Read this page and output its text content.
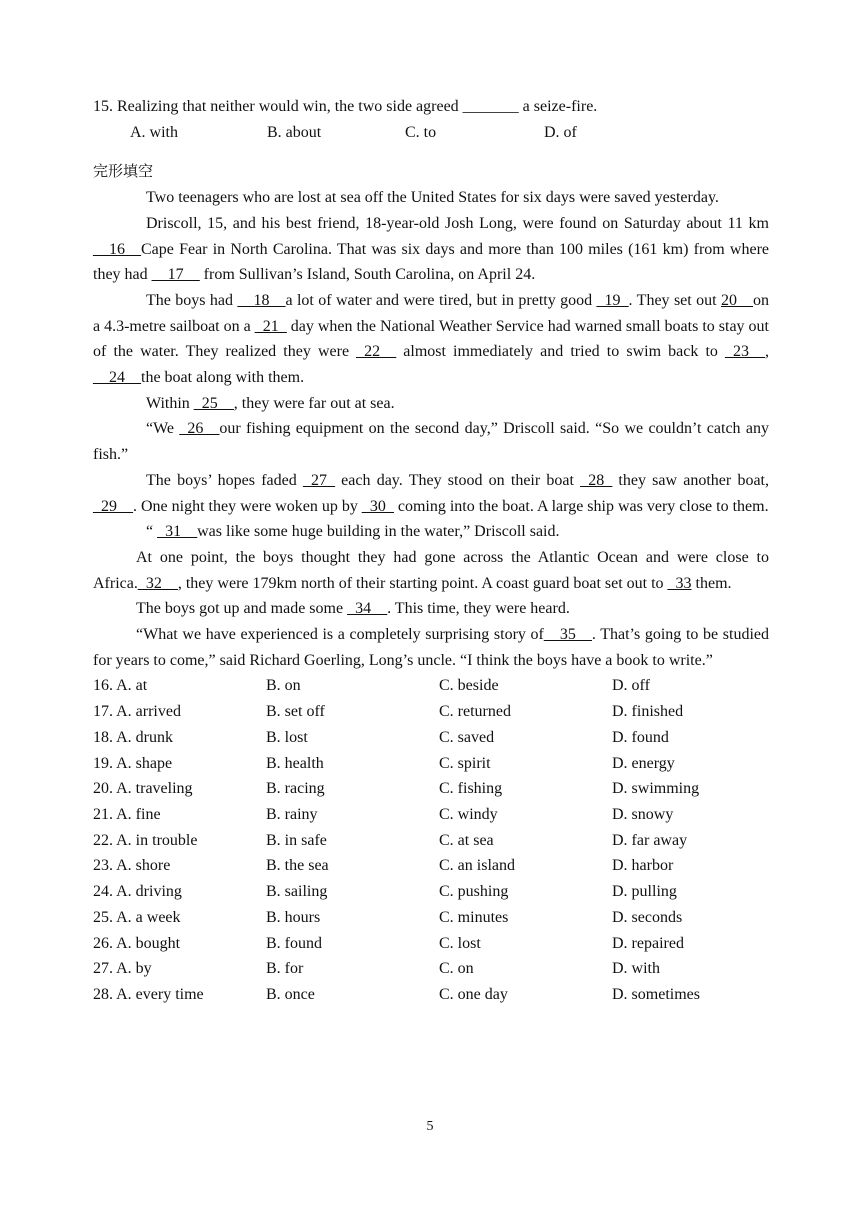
15. Realizing that neither would win, the two side agreed _______ a seize-fire.
A. with	B. about	C. to	D. of
完形填空
Two teenagers who are lost at sea off the United States for six days were saved yesterday.
Driscoll, 15, and his best friend, 18-year-old Josh Long, were found on Saturday about 11 km __16__Cape Fear in North Carolina. That was six days and more than 100 miles (161 km) from where they had __17__ from Sullivan’s Island, South Carolina, on April 24.
The boys had __18__a lot of water and were tired, but in pretty good _19_. They set out 20__on a 4.3-metre sailboat on a _21_ day when the National Weather Service had warned small boats to stay out of the water. They realized they were _22__ almost immediately and tried to swim back to _23__, __24__the boat along with them.
Within _25__, they were far out at sea.
“We _26__our fishing equipment on the second day,” Driscoll said. “So we couldn’t catch any fish.”
The boys’ hopes faded _27_ each day. They stood on their boat _28_ they saw another boat, _29__. One night they were woken up by _30_ coming into the boat. A large ship was very close to them.
“ _31__was like some huge building in the water,” Driscoll said.
At one point, the boys thought they had gone across the Atlantic Ocean and were close to Africa._32__, they were 179km north of their starting point. A coast guard boat set out to _33 them.
The boys got up and made some _34__. This time, they were heard.
“What we have experienced is a completely surprising story of__35__. That’s going to be studied for years to come,” said Richard Goerling, Long’s uncle. “I think the boys have a book to write.”
16. A. at	B. on	C. beside	D. off
17. A. arrived	B. set off	C. returned	D. finished
18. A. drunk	B. lost	C. saved	D. found
19. A. shape	B. health	C. spirit	D. energy
20. A. traveling	B. racing	C. fishing	D. swimming
21. A. fine	B. rainy	C. windy	D. snowy
22. A. in trouble	B. in safe	C. at sea	D. far away
23. A. shore	B. the sea	C. an island	D. harbor
24. A. driving	B. sailing	C. pushing	D. pulling
25. A. a week	B. hours	C. minutes	D. seconds
26. A. bought	B. found	C. lost	D. repaired
27. A. by	B. for	C. on	D. with
28. A. every time	B. once	C. one day	D. sometimes
5
